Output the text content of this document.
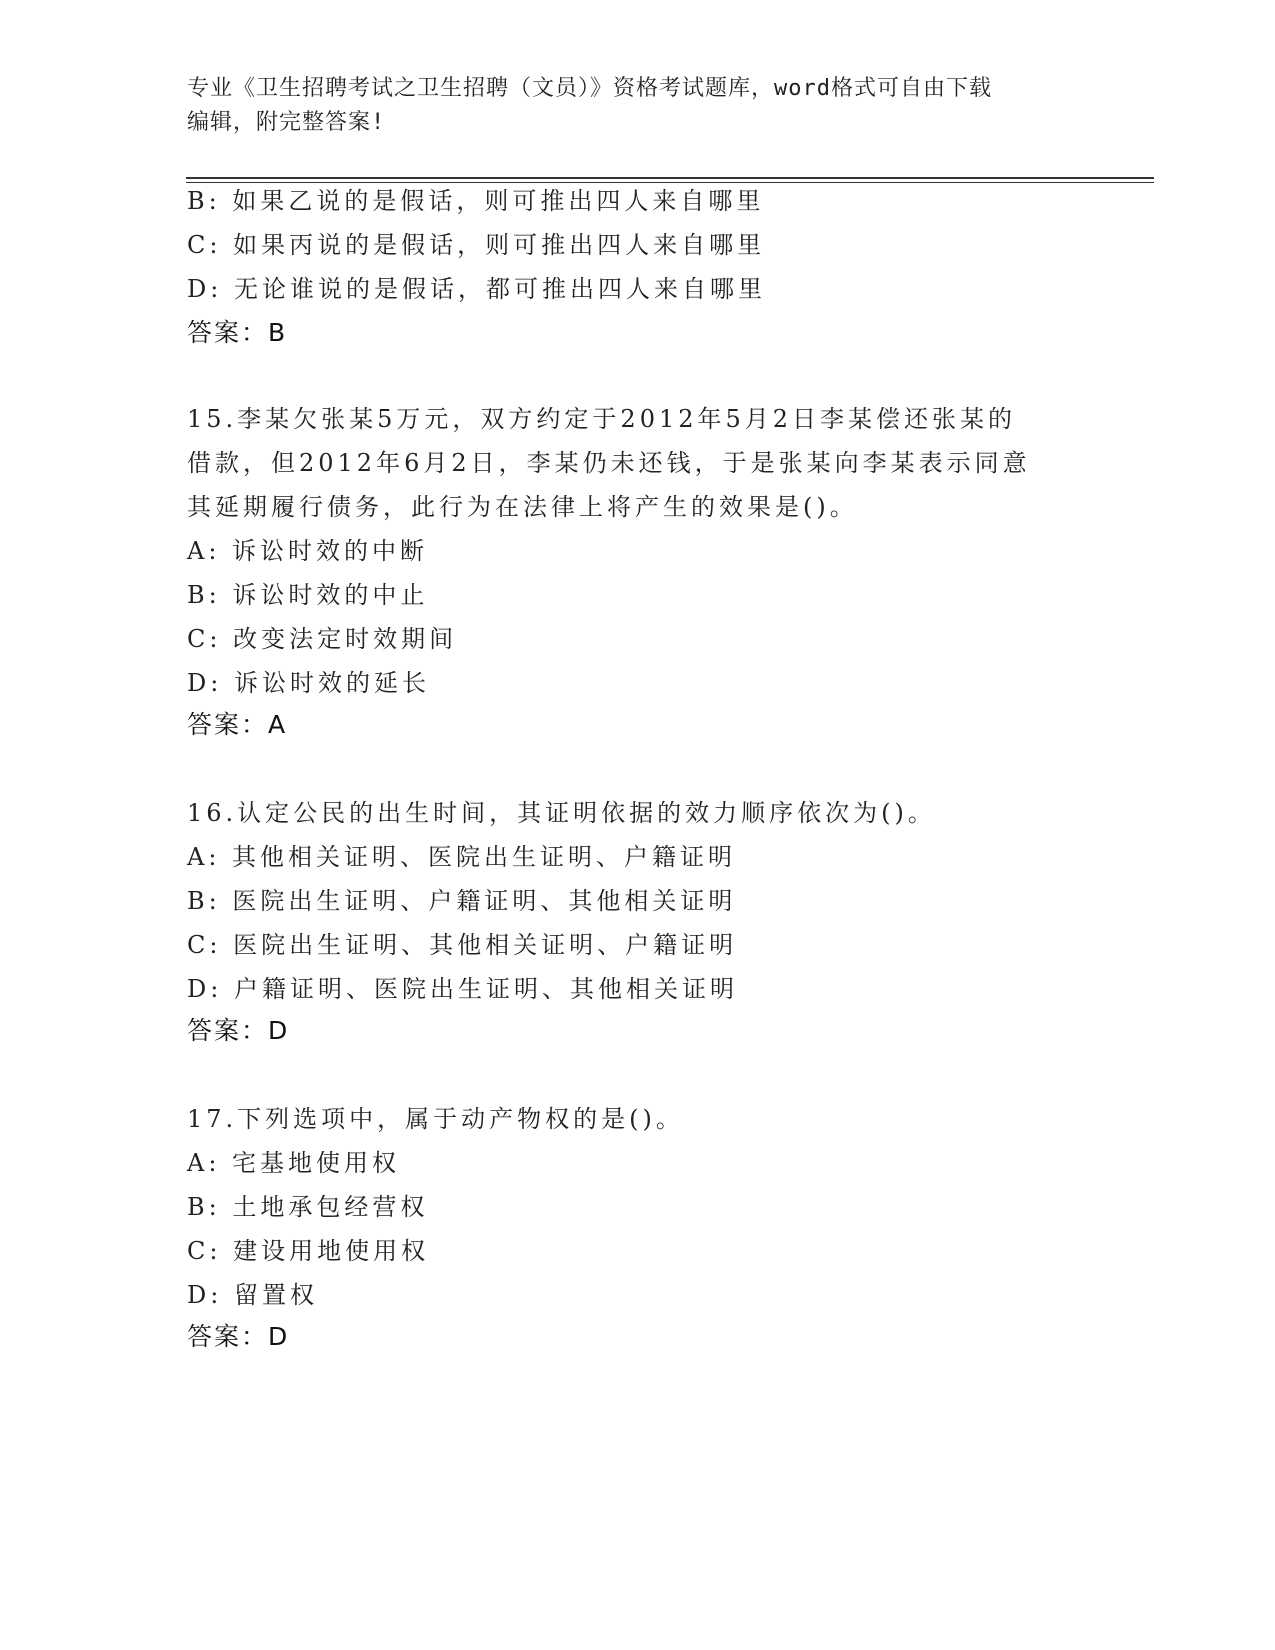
专业《卫生招聘考试之卫生招聘（文员）》资格考试题库，word格式可自由下载
编辑，附完整答案!
B: 如果乙说的是假话，则可推出四人来自哪里
C: 如果丙说的是假话，则可推出四人来自哪里
D: 无论谁说的是假话，都可推出四人来自哪里
答案：B
15.李某欠张某5万元，双方约定于2012年5月2日李某偿还张某的
借款，但2012年6月2日，李某仍未还钱，于是张某向李某表示同意
其延期履行债务，此行为在法律上将产生的效果是()。
A: 诉讼时效的中断
B: 诉讼时效的中止
C: 改变法定时效期间
D: 诉讼时效的延长
答案：A
16.认定公民的出生时间，其证明依据的效力顺序依次为()。
A: 其他相关证明、医院出生证明、户籍证明
B: 医院出生证明、户籍证明、其他相关证明
C: 医院出生证明、其他相关证明、户籍证明
D: 户籍证明、医院出生证明、其他相关证明
答案：D
17.下列选项中，属于动产物权的是()。
A: 宅基地使用权
B: 土地承包经营权
C: 建设用地使用权
D: 留置权
答案：D
